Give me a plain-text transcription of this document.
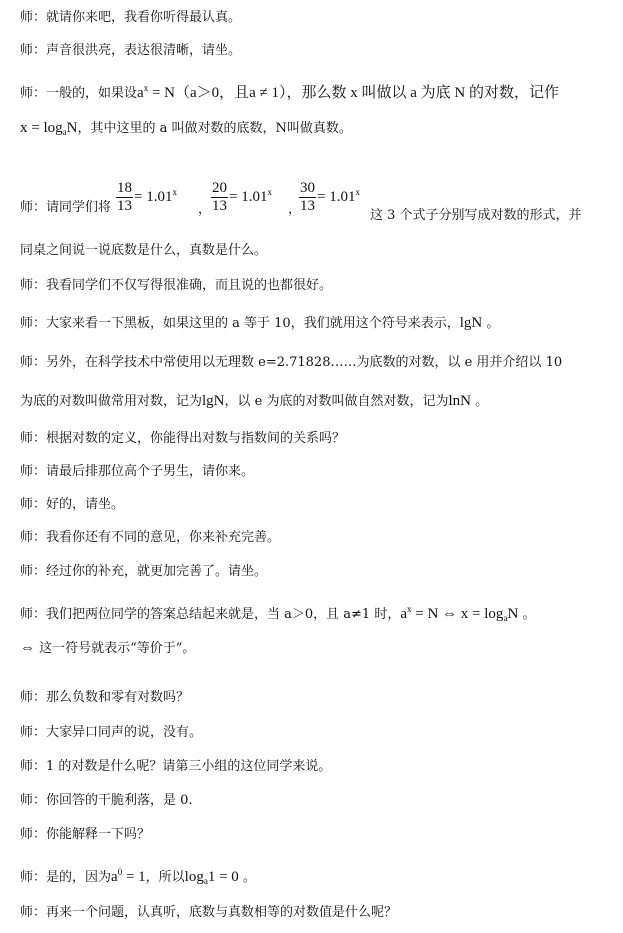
师：就请你来吧，我看你听得最认真。
师：声音很洪亮，表达很清晰，请坐。
师：一般的，如果设$a^x = N(a>0$，且a ≠ 1），那么数 x 叫做以 a 为底 N 的对数，记作
$x = \log_aN$，其中这里的 a 叫做对数的底数，N叫做真数。
师：请同学们将 $\frac{18}{13} = 1.01^x$
， $\frac{20}{13} = 1.01^x$
，
$\frac{30}{13} = 1.01^x$
这 3 个式子分别写成对数的形式，并
同桌之间说一说底数是什么，真数是什么。
师：我看同学们不仅写得很准确，而且说的也都很好。
师：大家来看一下黑板，如果这里的 a 等于 10，我们就用这个符号来表示，lgN 。
师：另外，在科学技术中常使用以无理数 e=2.71828……为底数的对数，以 e 用并介绍以 10
为底的对数叫做常用对数，记为lgN，以 e 为底的对数叫做自然对数，记为lnN 。
师：根据对数的定义，你能得出对数与指数间的关系吗？
师：请最后排那位高个子男生，请你来。
师：好的，请坐。
师：我看你还有不同的意见，你来补充完善。
师：经过你的补充，就更加完善了。请坐。
师：我们把两位同学的答案总结起来就是，当 a＞0，且 a≠1 时，$a^x = N$ ⇔ $x = \log_aN$ 。
⇔ 这一符号就表示“等价于”。
师：那么负数和零有对数吗？
师：大家异口同声的说，没有。
师：1 的对数是什么呢？请第三小组的这位同学来说。
师：你回答的干脆利落，是 0.
师：你能解释一下吗？
师：是的，因为$a^0 = 1$，所以$\log_a1 = 0$ 。
师：再来一个问题，认真听，底数与真数相等的对数值是什么呢？
